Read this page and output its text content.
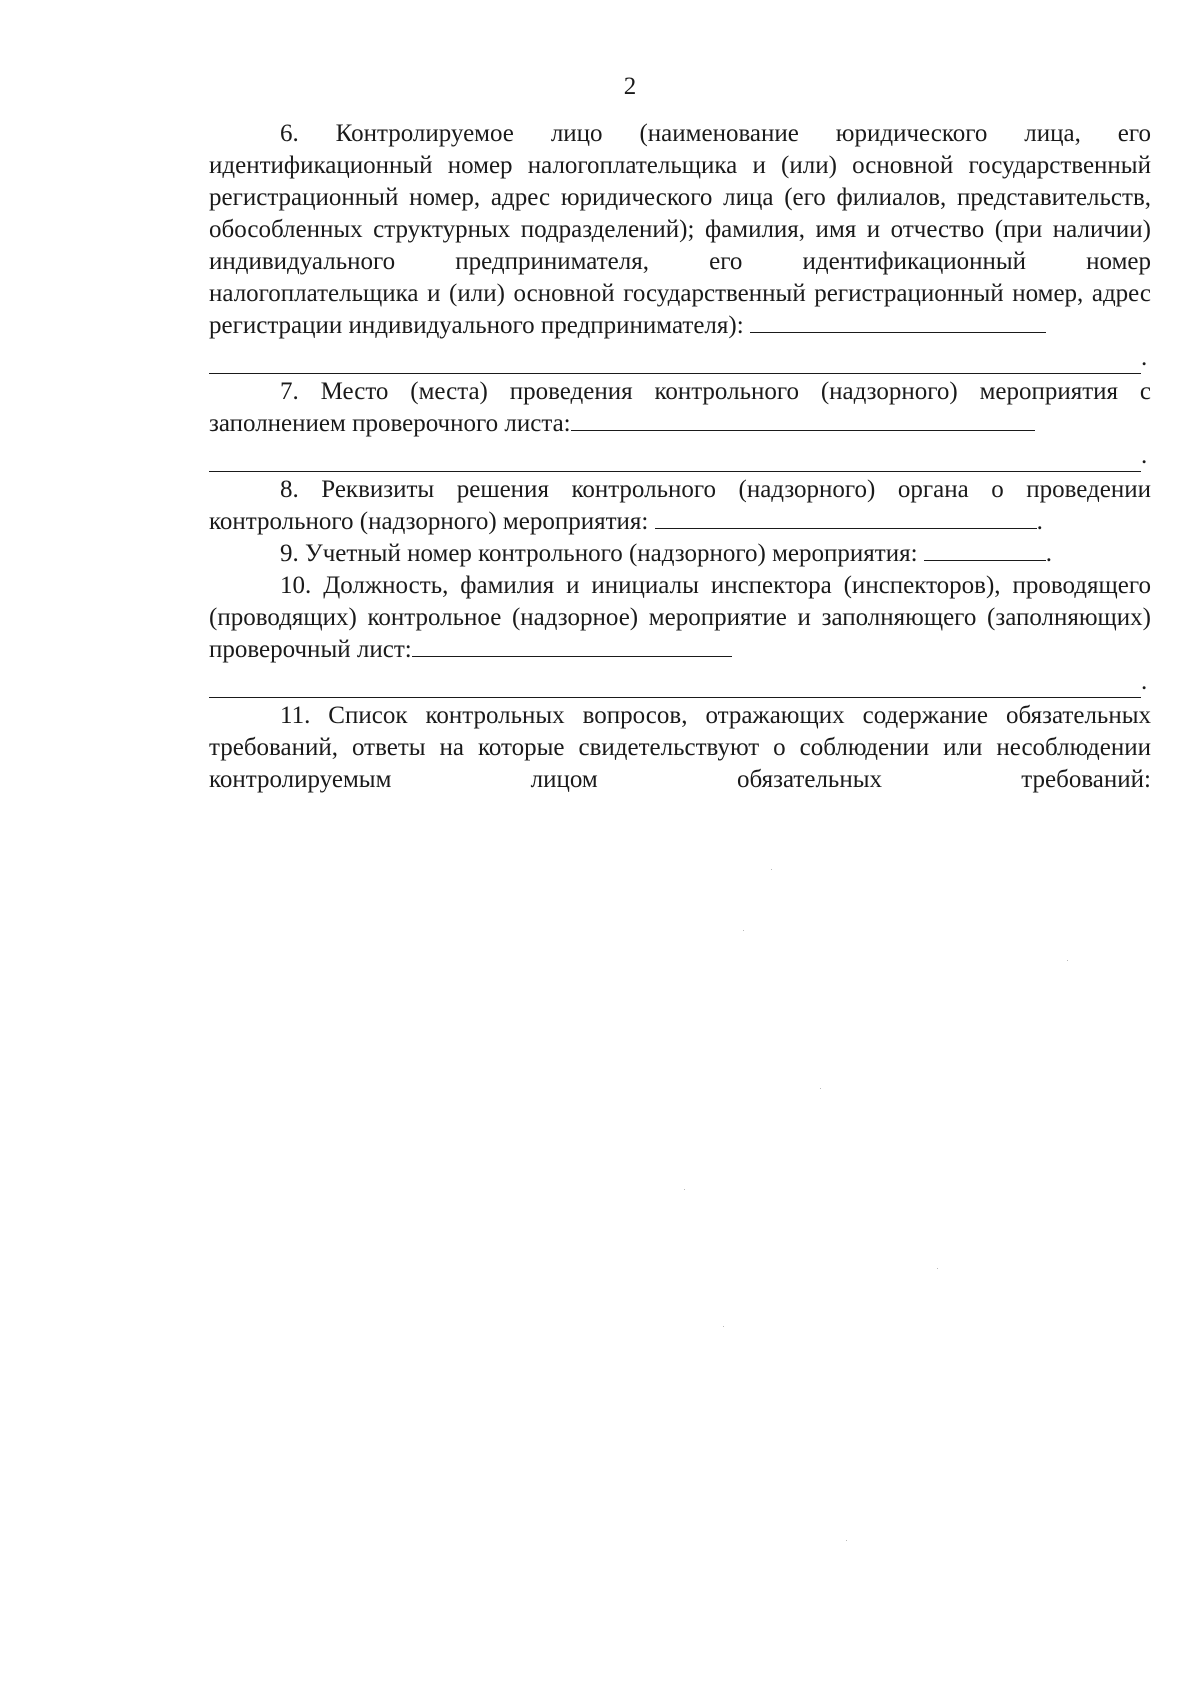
2

6. Контролируемое лицо (наименование юридического лица, его идентификационный номер налогоплательщика и (или) основной государственный регистрационный номер, адрес юридического лица (его филиалов, представительств, обособленных структурных подразделений); фамилия, имя и отчество (при наличии) индивидуального предпринимателя, его идентификационный номер налогоплательщика и (или) основной государственный регистрационный номер, адрес регистрации индивидуального предпринимателя):

.

7. Место (места) проведения контрольного (надзорного) мероприятия с заполнением проверочного листа:

.

8. Реквизиты решения контрольного (надзорного) органа о проведении контрольного (надзорного) мероприятия:	.

9. Учетный номер контрольного (надзорного) мероприятия:	.

10. Должность, фамилия и инициалы инспектора (инспекторов), проводящего (проводящих) контрольное (надзорное) мероприятие и заполняющего (заполняющих) проверочный лист:

.

11. Список контрольных вопросов, отражающих содержание обязательных требований, ответы на которые свидетельствуют о соблюдении или несоблюдении контролируемым лицом обязательных требований:
